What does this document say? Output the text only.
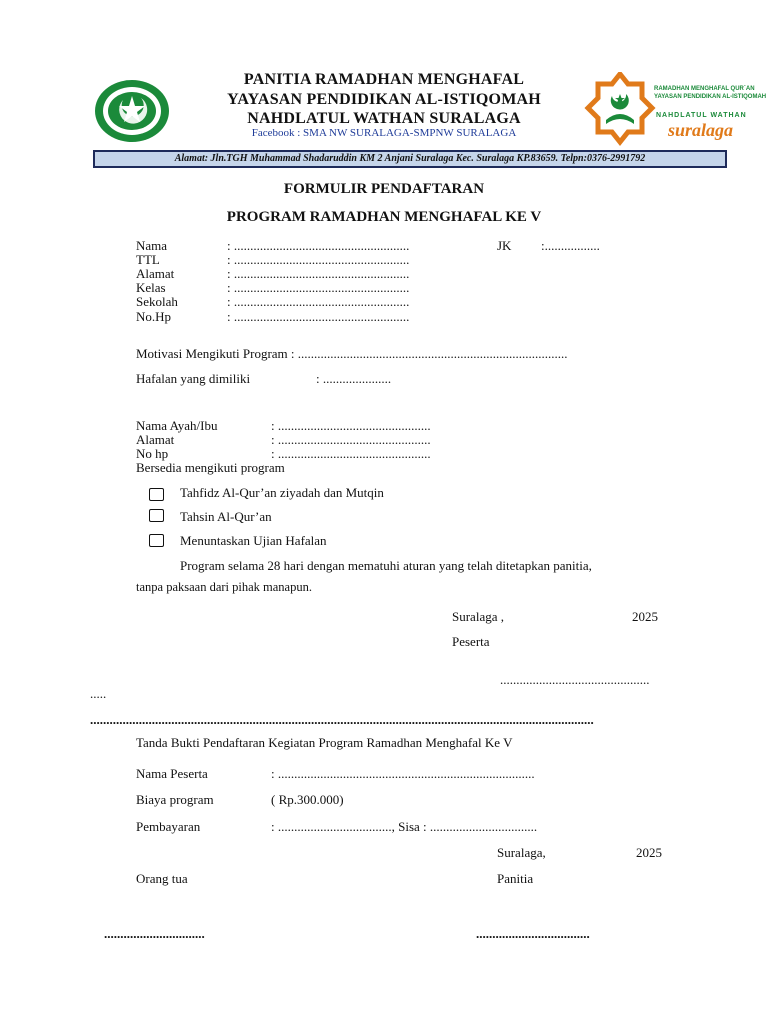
PANITIA RAMADHAN MENGHAFAL
YAYASAN PENDIDIKAN AL-ISTIQOMAH
NAHDLATUL WATHAN SURALAGA
Facebook : SMA NW SURALAGA-SMPNW SURALAGA
RAMADHAN MENGHAFAL QUR`AN
YAYASAN PENDIDIKAN AL-ISTIQOMAH
NAHDLATUL WATHAN
suralaga
Alamat: Jln.TGH Muhammad Shadaruddin KM 2 Anjani Suralaga Kec. Suralaga KP.83659. Telpn:0376-2991792
FORMULIR PENDAFTARAN
PROGRAM RAMADHAN MENGHAFAL KE V
Nama	: ......................................................
TTL	: ......................................................
Alamat	: ......................................................
Kelas	: ......................................................
Sekolah	: ......................................................
No.Hp	: ......................................................
JK :.................
Motivasi Mengikuti Program : ...................................................................................
Hafalan yang dimiliki	: .....................
Nama Ayah/Ibu	: ...............................................
Alamat	: ...............................................
No hp	: ...............................................
Bersedia mengikuti program
Tahfidz Al-Qur’an ziyadah dan Mutqin
Tahsin Al-Qur’an
Menuntaskan Ujian Hafalan
Program selama 28 hari dengan mematuhi aturan yang telah ditetapkan panitia,
tanpa paksaan dari pihak manapun.
Suralaga ,	2025
Peserta
..............................................
.....
...........................................................................................................................................................
Tanda Bukti Pendaftaran Kegiatan Program Ramadhan Menghafal Ke V
Nama Peserta	: ...............................................................................
Biaya program	( Rp.300.000)
Pembayaran	: ..................................., Sisa : .................................
Suralaga,	2025
Orang tua	Panitia
...............................	...................................
